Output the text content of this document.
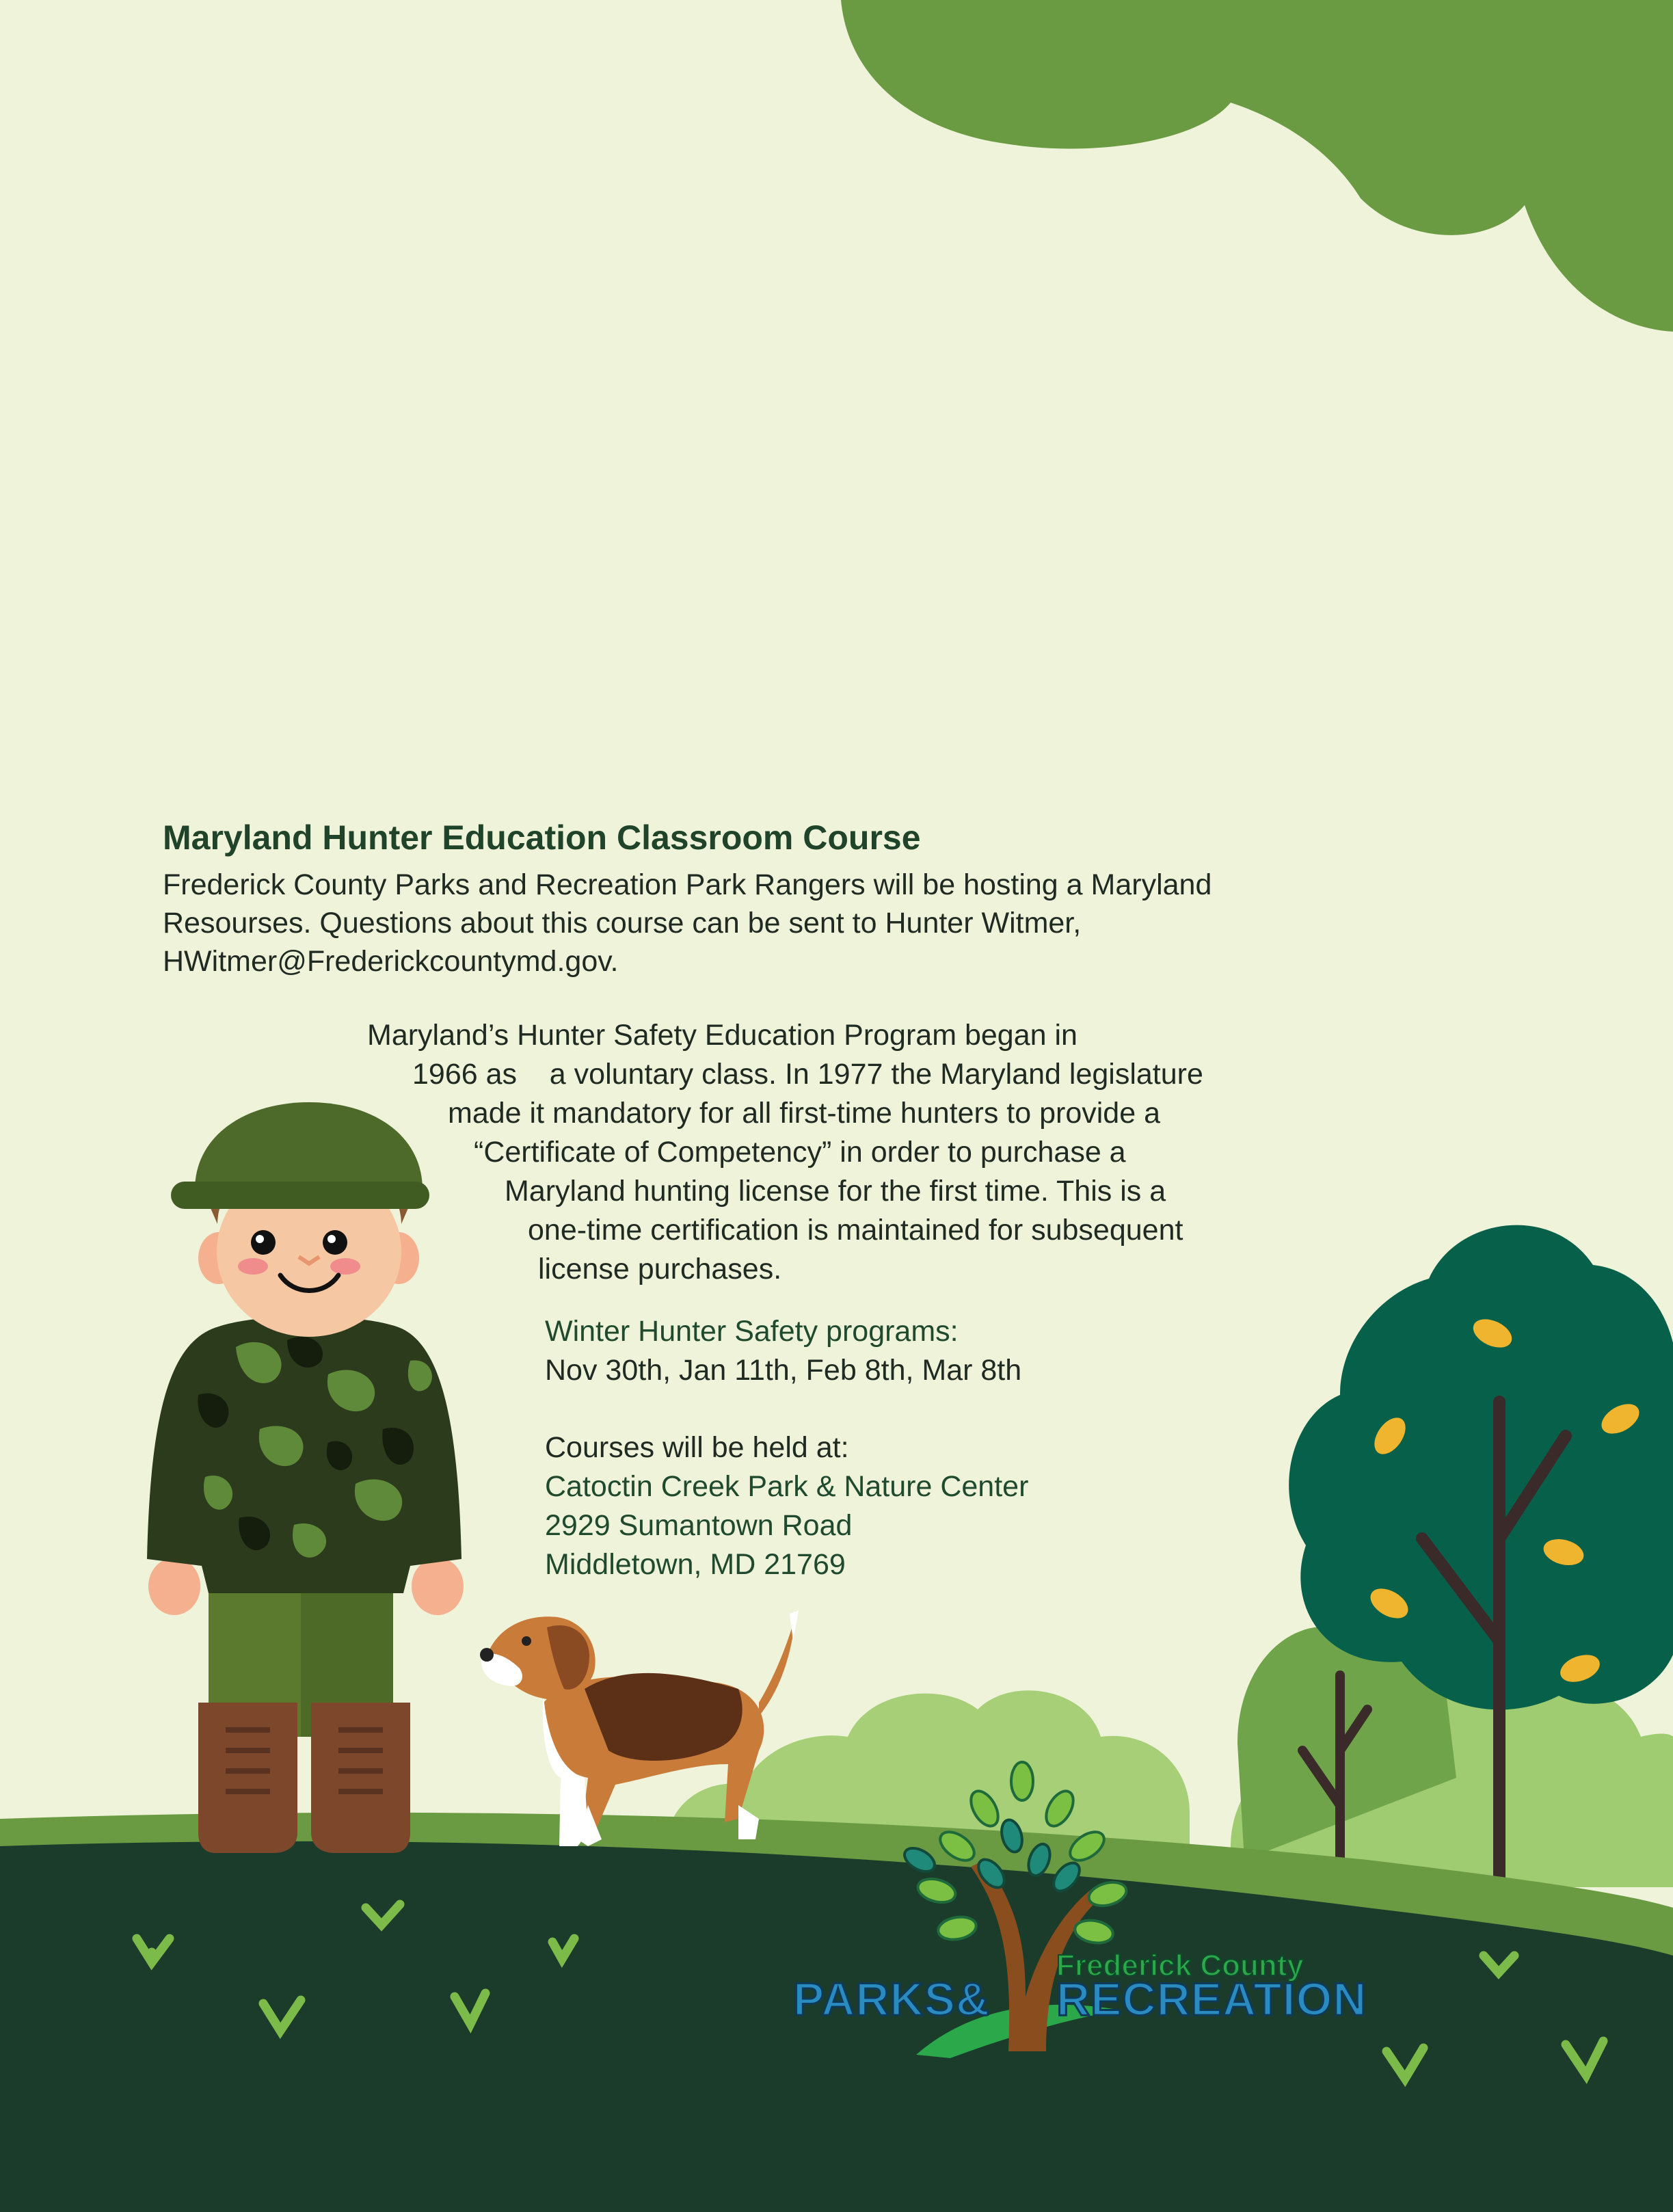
Maryland Hunter Education Classroom Course
Frederick County Parks and Recreation Park Rangers will be hosting a Maryland
Resourses. Questions about this course can be sent to Hunter Witmer,
HWitmer@Frederickcountymd.gov.
Maryland’s Hunter Safety Education Program began in
1966 as    a voluntary class. In 1977 the Maryland legislature
made it mandatory for all first-time hunters to provide a
“Certificate of Competency” in order to purchase a
Maryland hunting license for the first time. This is a
one-time certification is maintained for subsequent
license purchases.
Winter Hunter Safety programs:
Nov 30th, Jan 11th, Feb 8th, Mar 8th
Courses will be held at:
Catoctin Creek Park & Nature Center
2929 Sumantown Road
Middletown, MD 21769
PARKS&
Frederick County
RECREATION
